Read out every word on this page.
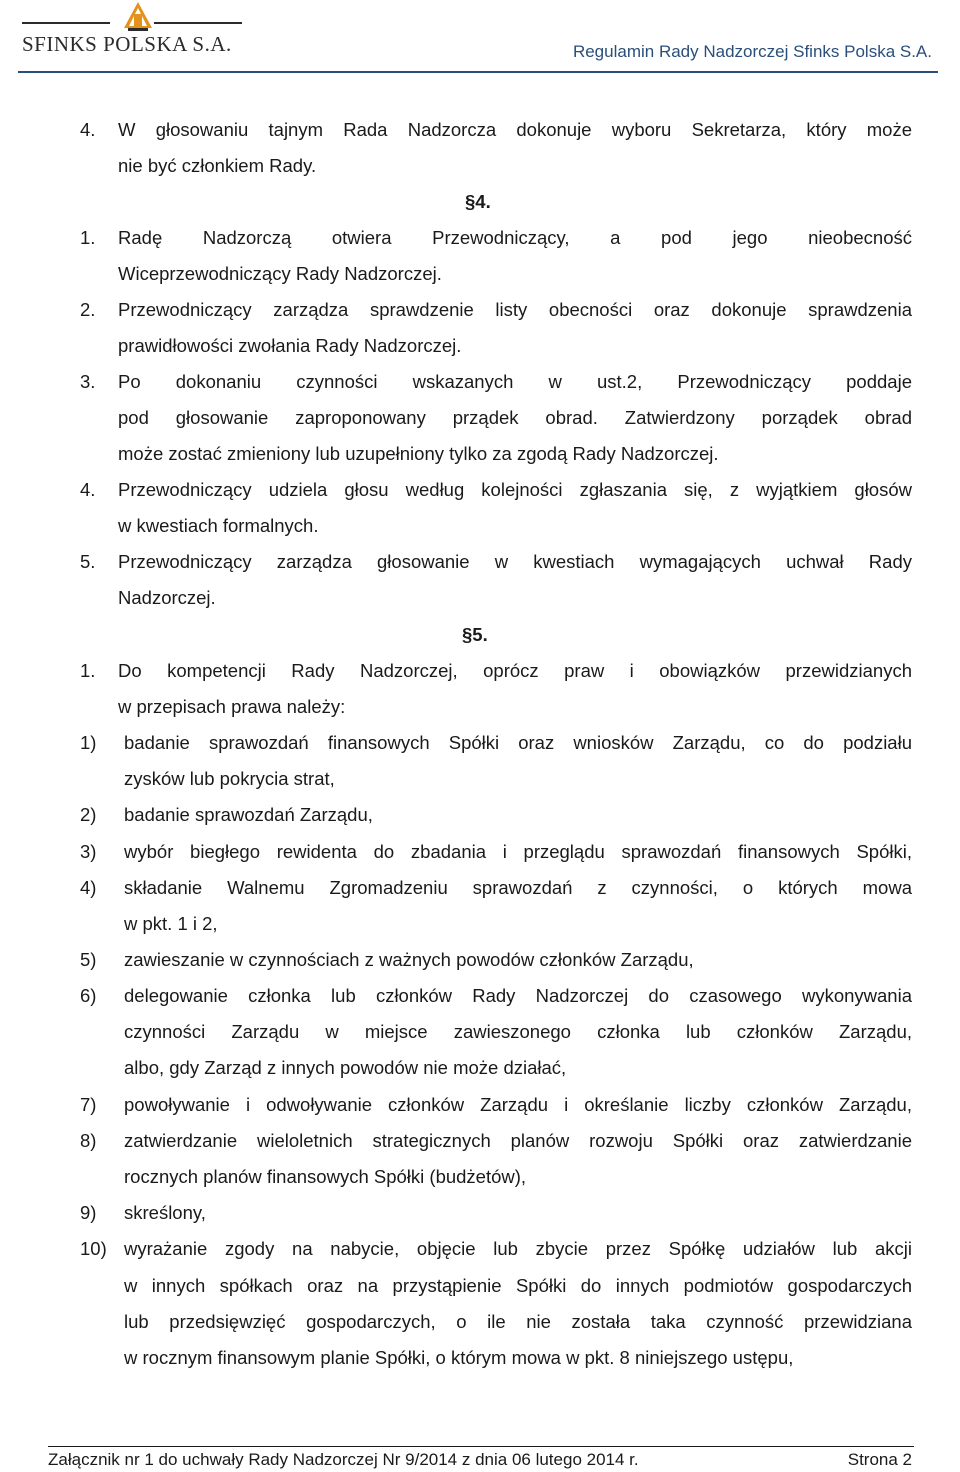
SFINKS POLSKA S.A.	Regulamin Rady Nadzorczej Sfinks Polska S.A.
4. W głosowaniu tajnym Rada Nadzorcza dokonuje wyboru Sekretarza, który może
nie być członkiem Rady.
§4.
1. Radę Nadzorczą otwiera Przewodniczący, a pod jego nieobecność
Wiceprzewodniczący Rady Nadzorczej.
2. Przewodniczący zarządza sprawdzenie listy obecności oraz dokonuje sprawdzenia
prawidłowości zwołania Rady Nadzorczej.
3. Po dokonaniu czynności wskazanych w ust.2, Przewodniczący poddaje
pod głosowanie zaproponowany prządek obrad. Zatwierdzony porządek obrad
może zostać zmieniony lub uzupełniony tylko za zgodą Rady Nadzorczej.
4. Przewodniczący udziela głosu według kolejności zgłaszania się, z wyjątkiem głosów
w kwestiach formalnych.
5. Przewodniczący zarządza głosowanie w kwestiach wymagających uchwał Rady
Nadzorczej.
§5.
1. Do kompetencji Rady Nadzorczej, oprócz praw i obowiązków przewidzianych
w przepisach prawa należy:
1) badanie sprawozdań finansowych Spółki oraz wniosków Zarządu, co do podziału
zysków lub pokrycia strat,
2) badanie sprawozdań Zarządu,
3) wybór biegłego rewidenta do zbadania i przeglądu sprawozdań finansowych Spółki,
4) składanie Walnemu Zgromadzeniu sprawozdań z czynności, o których mowa
w pkt. 1 i 2,
5) zawieszanie w czynnościach z ważnych powodów członków Zarządu,
6) delegowanie członka lub członków Rady Nadzorczej do czasowego wykonywania
czynności Zarządu w miejsce zawieszonego członka lub członków Zarządu,
albo, gdy Zarząd z innych powodów nie może działać,
7) powoływanie i odwoływanie członków Zarządu i określanie liczby członków Zarządu,
8) zatwierdzanie wieloletnich strategicznych planów rozwoju Spółki oraz zatwierdzanie
rocznych planów finansowych Spółki (budżetów),
9) skreślony,
10) wyrażanie zgody na nabycie, objęcie lub zbycie przez Spółkę udziałów lub akcji
w innych spółkach oraz na przystąpienie Spółki do innych podmiotów gospodarczych
lub przedsięwzięć gospodarczych, o ile nie została taka czynność przewidziana
w rocznym finansowym planie Spółki, o którym mowa w pkt. 8 niniejszego ustępu,
Załącznik nr 1 do uchwały Rady Nadzorczej Nr 9/2014 z dnia 06 lutego 2014 r.	Strona 2
